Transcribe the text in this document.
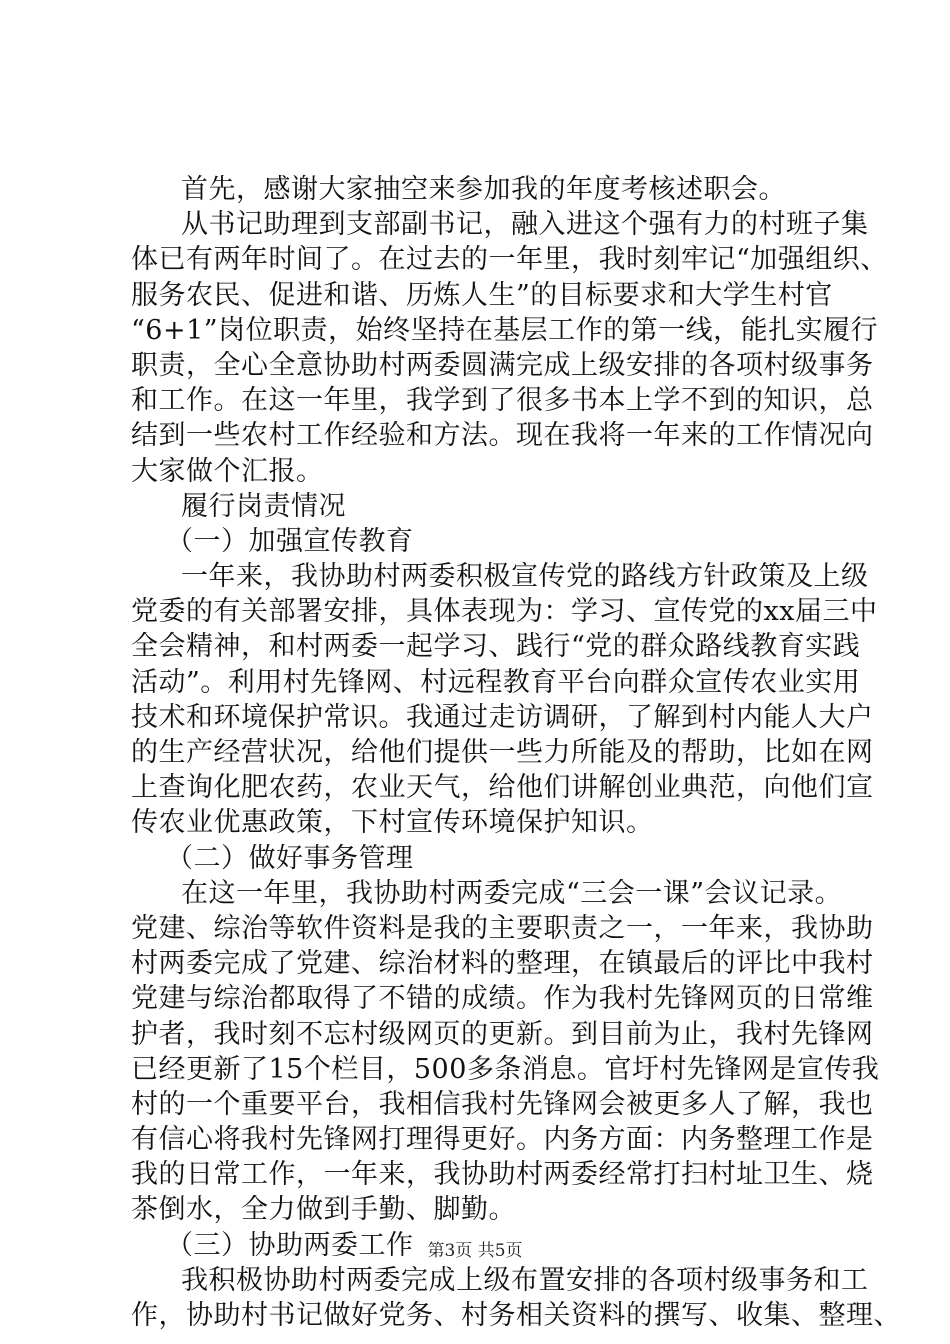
首先，感谢大家抽空来参加我的年度考核述职会。
从书记助理到支部副书记，融入进这个强有力的村班子集
体已有两年时间了。在过去的一年里，我时刻牢记“加强组织、
服务农民、促进和谐、历炼人生”的目标要求和大学生村官
“6+1”岗位职责，始终坚持在基层工作的第一线，能扎实履行
职责，全心全意协助村两委圆满完成上级安排的各项村级事务
和工作。在这一年里，我学到了很多书本上学不到的知识，总
结到一些农村工作经验和方法。现在我将一年来的工作情况向
大家做个汇报。
履行岗责情况
（一）加强宣传教育
一年来，我协助村两委积极宣传党的路线方针政策及上级
党委的有关部署安排，具体表现为：学习、宣传党的xx届三中
全会精神，和村两委一起学习、践行“党的群众路线教育实践
活动”。利用村先锋网、村远程教育平台向群众宣传农业实用
技术和环境保护常识。我通过走访调研，了解到村内能人大户
的生产经营状况，给他们提供一些力所能及的帮助，比如在网
上查询化肥农药，农业天气，给他们讲解创业典范，向他们宣
传农业优惠政策，下村宣传环境保护知识。
（二）做好事务管理
在这一年里，我协助村两委完成“三会一课”会议记录。
党建、综治等软件资料是我的主要职责之一，一年来，我协助
村两委完成了党建、综治材料的整理，在镇最后的评比中我村
党建与综治都取得了不错的成绩。作为我村先锋网页的日常维
护者，我时刻不忘村级网页的更新。到目前为止，我村先锋网
已经更新了15个栏目，500多条消息。官圩村先锋网是宣传我
村的一个重要平台，我相信我村先锋网会被更多人了解，我也
有信心将我村先锋网打理得更好。内务方面：内务整理工作是
我的日常工作，一年来，我协助村两委经常打扫村址卫生、烧
茶倒水，全力做到手勤、脚勤。
（三）协助两委工作
我积极协助村两委完成上级布置安排的各项村级事务和工
作，协助村书记做好党务、村务相关资料的撰写、收集、整理、
第3页 共5页
